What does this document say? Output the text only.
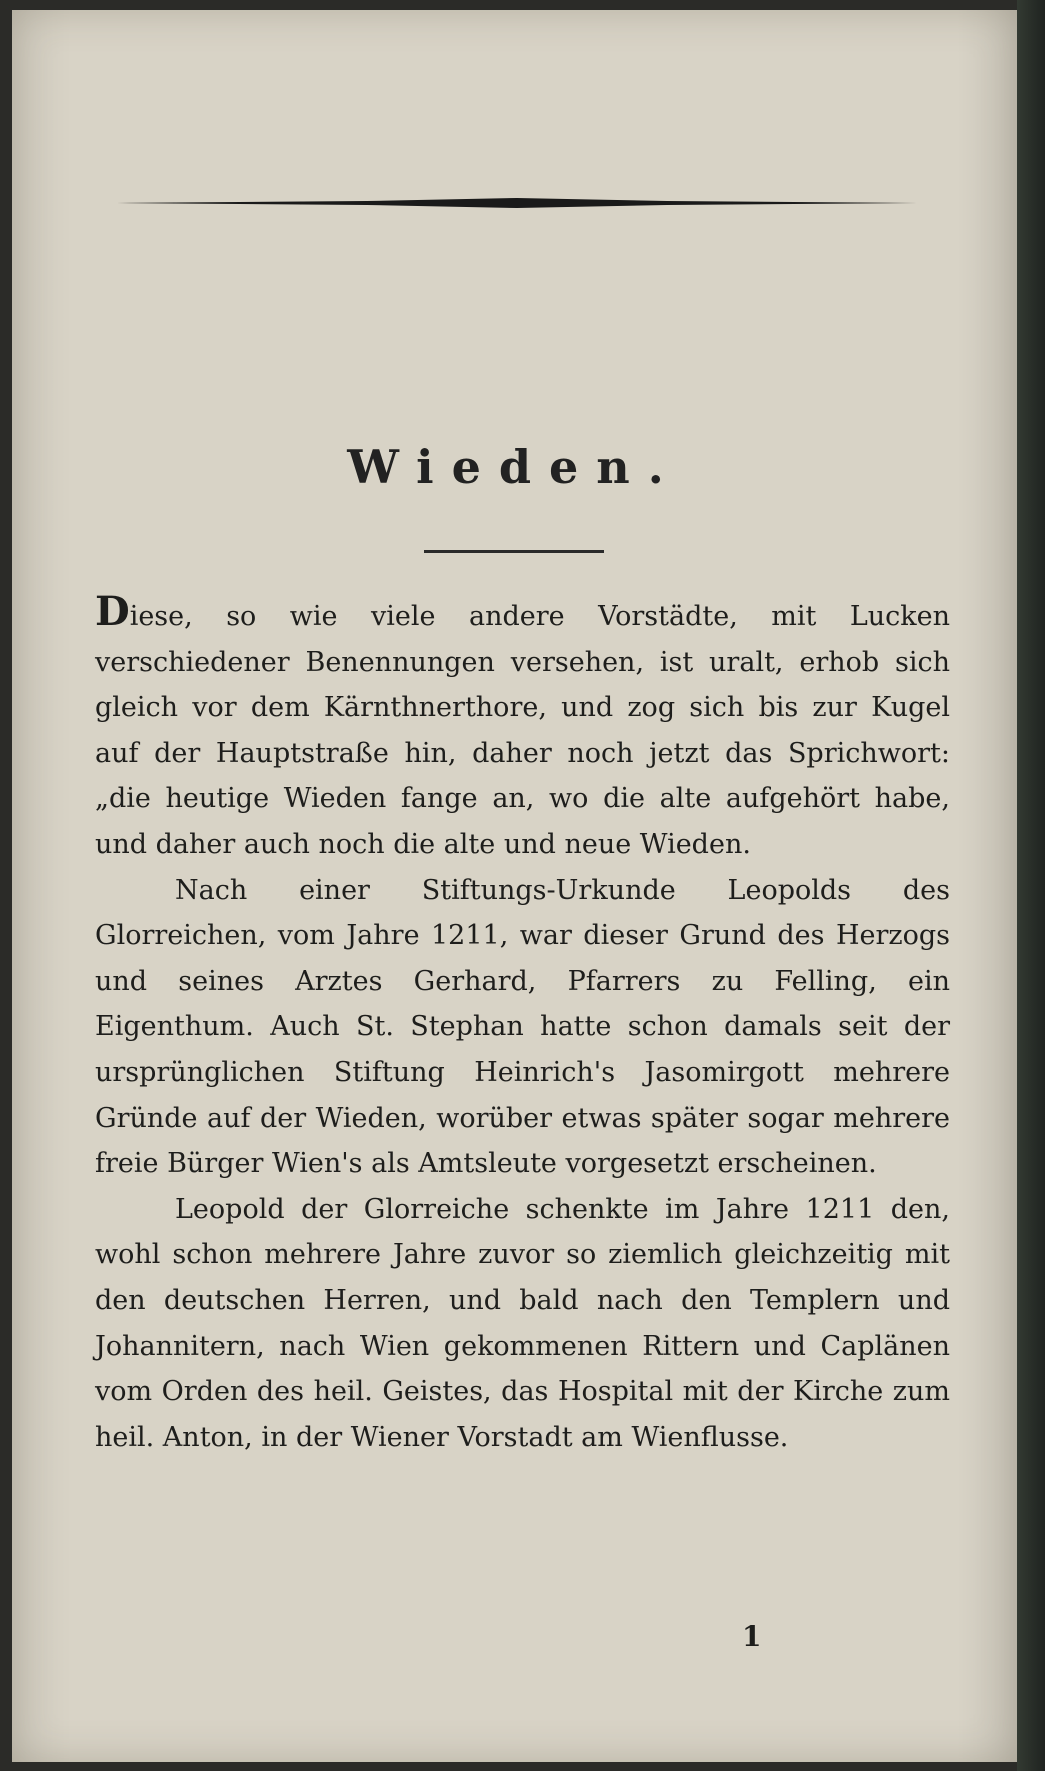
Wieden.

Diese, so wie viele andere Vorstädte, mit Lucken verschiedener Benennungen versehen, ist uralt, erhob sich gleich vor dem Kärnthnerthore, und zog sich bis zur Kugel auf der Hauptstraße hin, daher noch jetzt das Sprichwort: „die heutige Wieden fange an, wo die alte aufgehört habe, und daher auch noch die alte und neue Wieden.

Nach einer Stiftungs-Urkunde Leopolds des Glorreichen, vom Jahre 1211, war dieser Grund des Herzogs und seines Arztes Gerhard, Pfarrers zu Felling, ein Eigenthum. Auch St. Stephan hatte schon damals seit der ursprünglichen Stiftung Heinrich's Jasomirgott mehrere Gründe auf der Wieden, worüber etwas später sogar mehrere freie Bürger Wien's als Amtsleute vorgesetzt erscheinen.

Leopold der Glorreiche schenkte im Jahre 1211 den, wohl schon mehrere Jahre zuvor so ziemlich gleichzeitig mit den deutschen Herren, und bald nach den Templern und Johannitern, nach Wien gekommenen Rittern und Caplänen vom Orden des heil. Geistes, das Hospital mit der Kirche zum heil. Anton, in der Wiener Vorstadt am Wienflusse.

1
